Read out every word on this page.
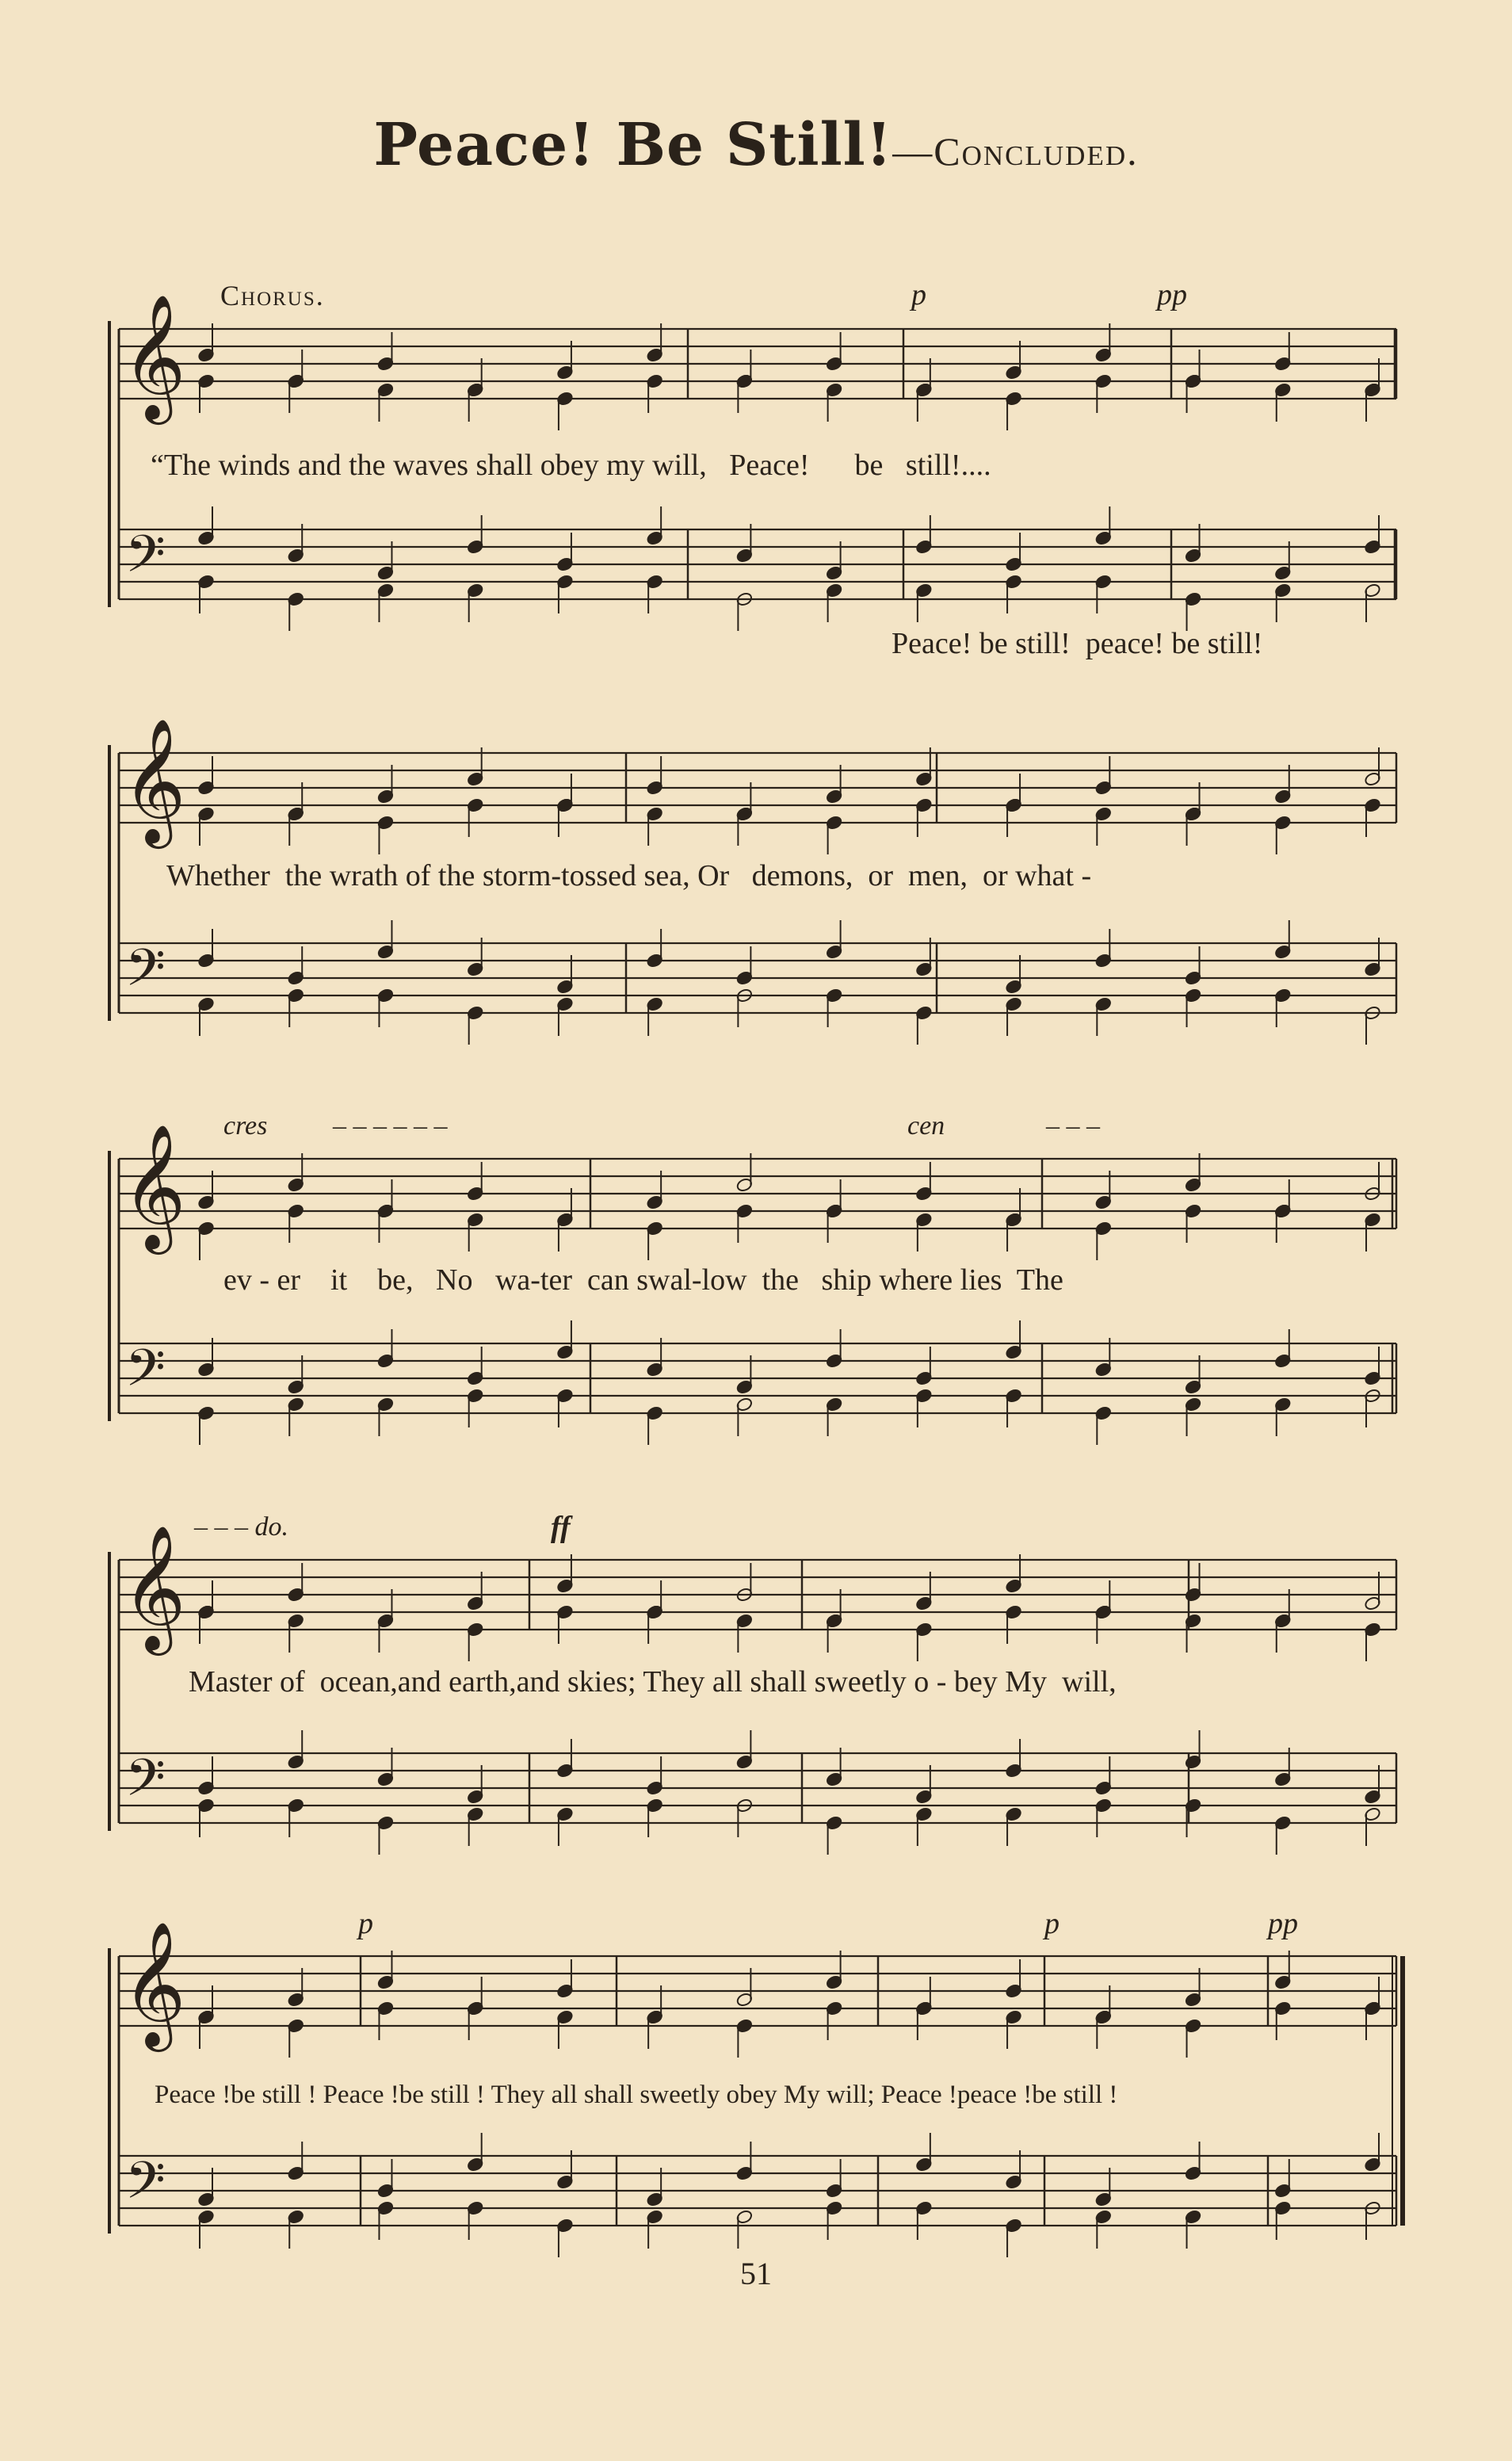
Peace! Be Still!—Concluded.
Chorus.	p	pp
cres – – – – – –	cen	– – –
– – – do.	ff
p	p	pp
“The winds and the waves shall obey my will,   Peace!      be   still!....
Peace! be still!  peace! be still!
Whether  the wrath of the storm-tossed sea, Or   demons,  or  men,  or what -
ev - er    it    be,   No   wa-ter  can swal-low  the   ship where lies  The
Master of  ocean,and earth,and skies; They all shall sweetly o - bey My  will,
Peace !be still ! Peace !be still ! They all shall sweetly obey My will; Peace !peace !be still !
𝄞
𝄢
𝄞
𝄢
𝄞
𝄢
𝄞
𝄢
𝄞
𝄢
51
